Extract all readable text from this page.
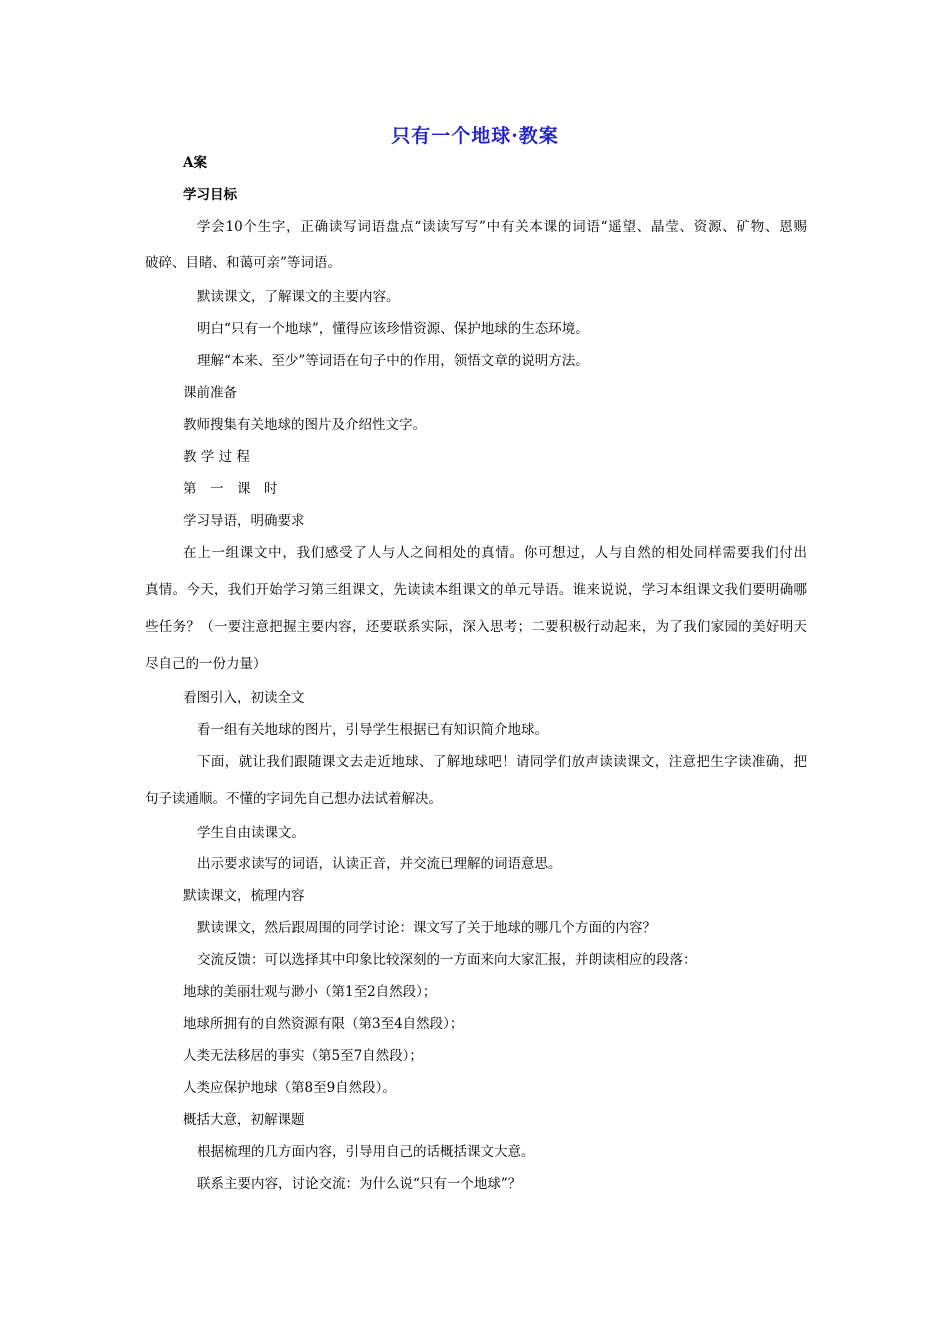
只有一个地球·教案
A案
学习目标
学会10个生字，正确读写词语盘点“读读写写”中有关本课的词语“遥望、晶莹、资源、矿物、恩赐
破碎、目睹、和蔼可亲”等词语。
默读课文，了解课文的主要内容。
明白“只有一个地球”，懂得应该珍惜资源、保护地球的生态环境。
理解“本来、至少”等词语在句子中的作用，领悟文章的说明方法。
课前准备
教师搜集有关地球的图片及介绍性文字。
教 学 过 程
第　一　课　时
学习导语，明确要求
在上一组课文中，我们感受了人与人之间相处的真情。你可想过，人与自然的相处同样需要我们付出
真情。今天，我们开始学习第三组课文，先读读本组课文的单元导语。谁来说说，学习本组课文我们要明确哪
些任务？（一要注意把握主要内容，还要联系实际，深入思考；二要积极行动起来，为了我们家园的美好明天
尽自己的一份力量）
看图引入，初读全文
看一组有关地球的图片，引导学生根据已有知识简介地球。
下面，就让我们跟随课文去走近地球、了解地球吧！请同学们放声读读课文，注意把生字读准确，把
句子读通顺。不懂的字词先自己想办法试着解决。
学生自由读课文。
出示要求读写的词语，认读正音，并交流已理解的词语意思。
默读课文，梳理内容
默读课文，然后跟周围的同学讨论：课文写了关于地球的哪几个方面的内容？
交流反馈：可以选择其中印象比较深刻的一方面来向大家汇报，并朗读相应的段落：
地球的美丽壮观与渺小（第1至2自然段）；
地球所拥有的自然资源有限（第3至4自然段）；
人类无法移居的事实（第5至7自然段）；
人类应保护地球（第8至9自然段）。
概括大意，初解课题
根据梳理的几方面内容，引导用自己的话概括课文大意。
联系主要内容，讨论交流：为什么说“只有一个地球”？
